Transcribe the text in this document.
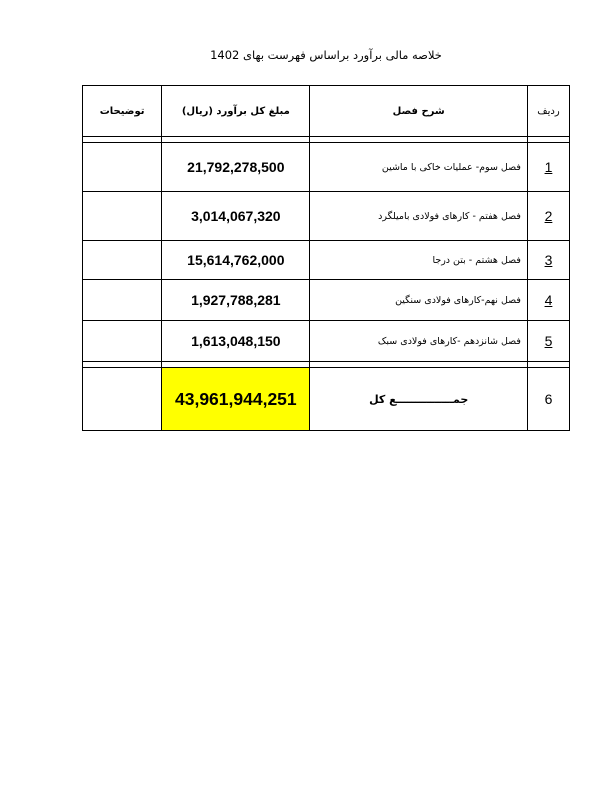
خلاصه مالی برآورد براساس فهرست بهای 1402
ردیف	شرح فصل	مبلغ کل برآورد (ریال)	توضیحات

1	فصل سوم- عملیات خاکی با ماشین	21,792,278,500	
2	فصل هفتم - کارهای فولادی بامیلگرد	3,014,067,320	
3	فصل هشتم - بتن درجا	15,614,762,000	
4	فصل نهم-کارهای فولادی سنگین	1,927,788,281	
5	فصل شانزدهم -کارهای فولادی سبک	1,613,048,150	

6	جمـــــــــــــــع کل	43,961,944,251	
